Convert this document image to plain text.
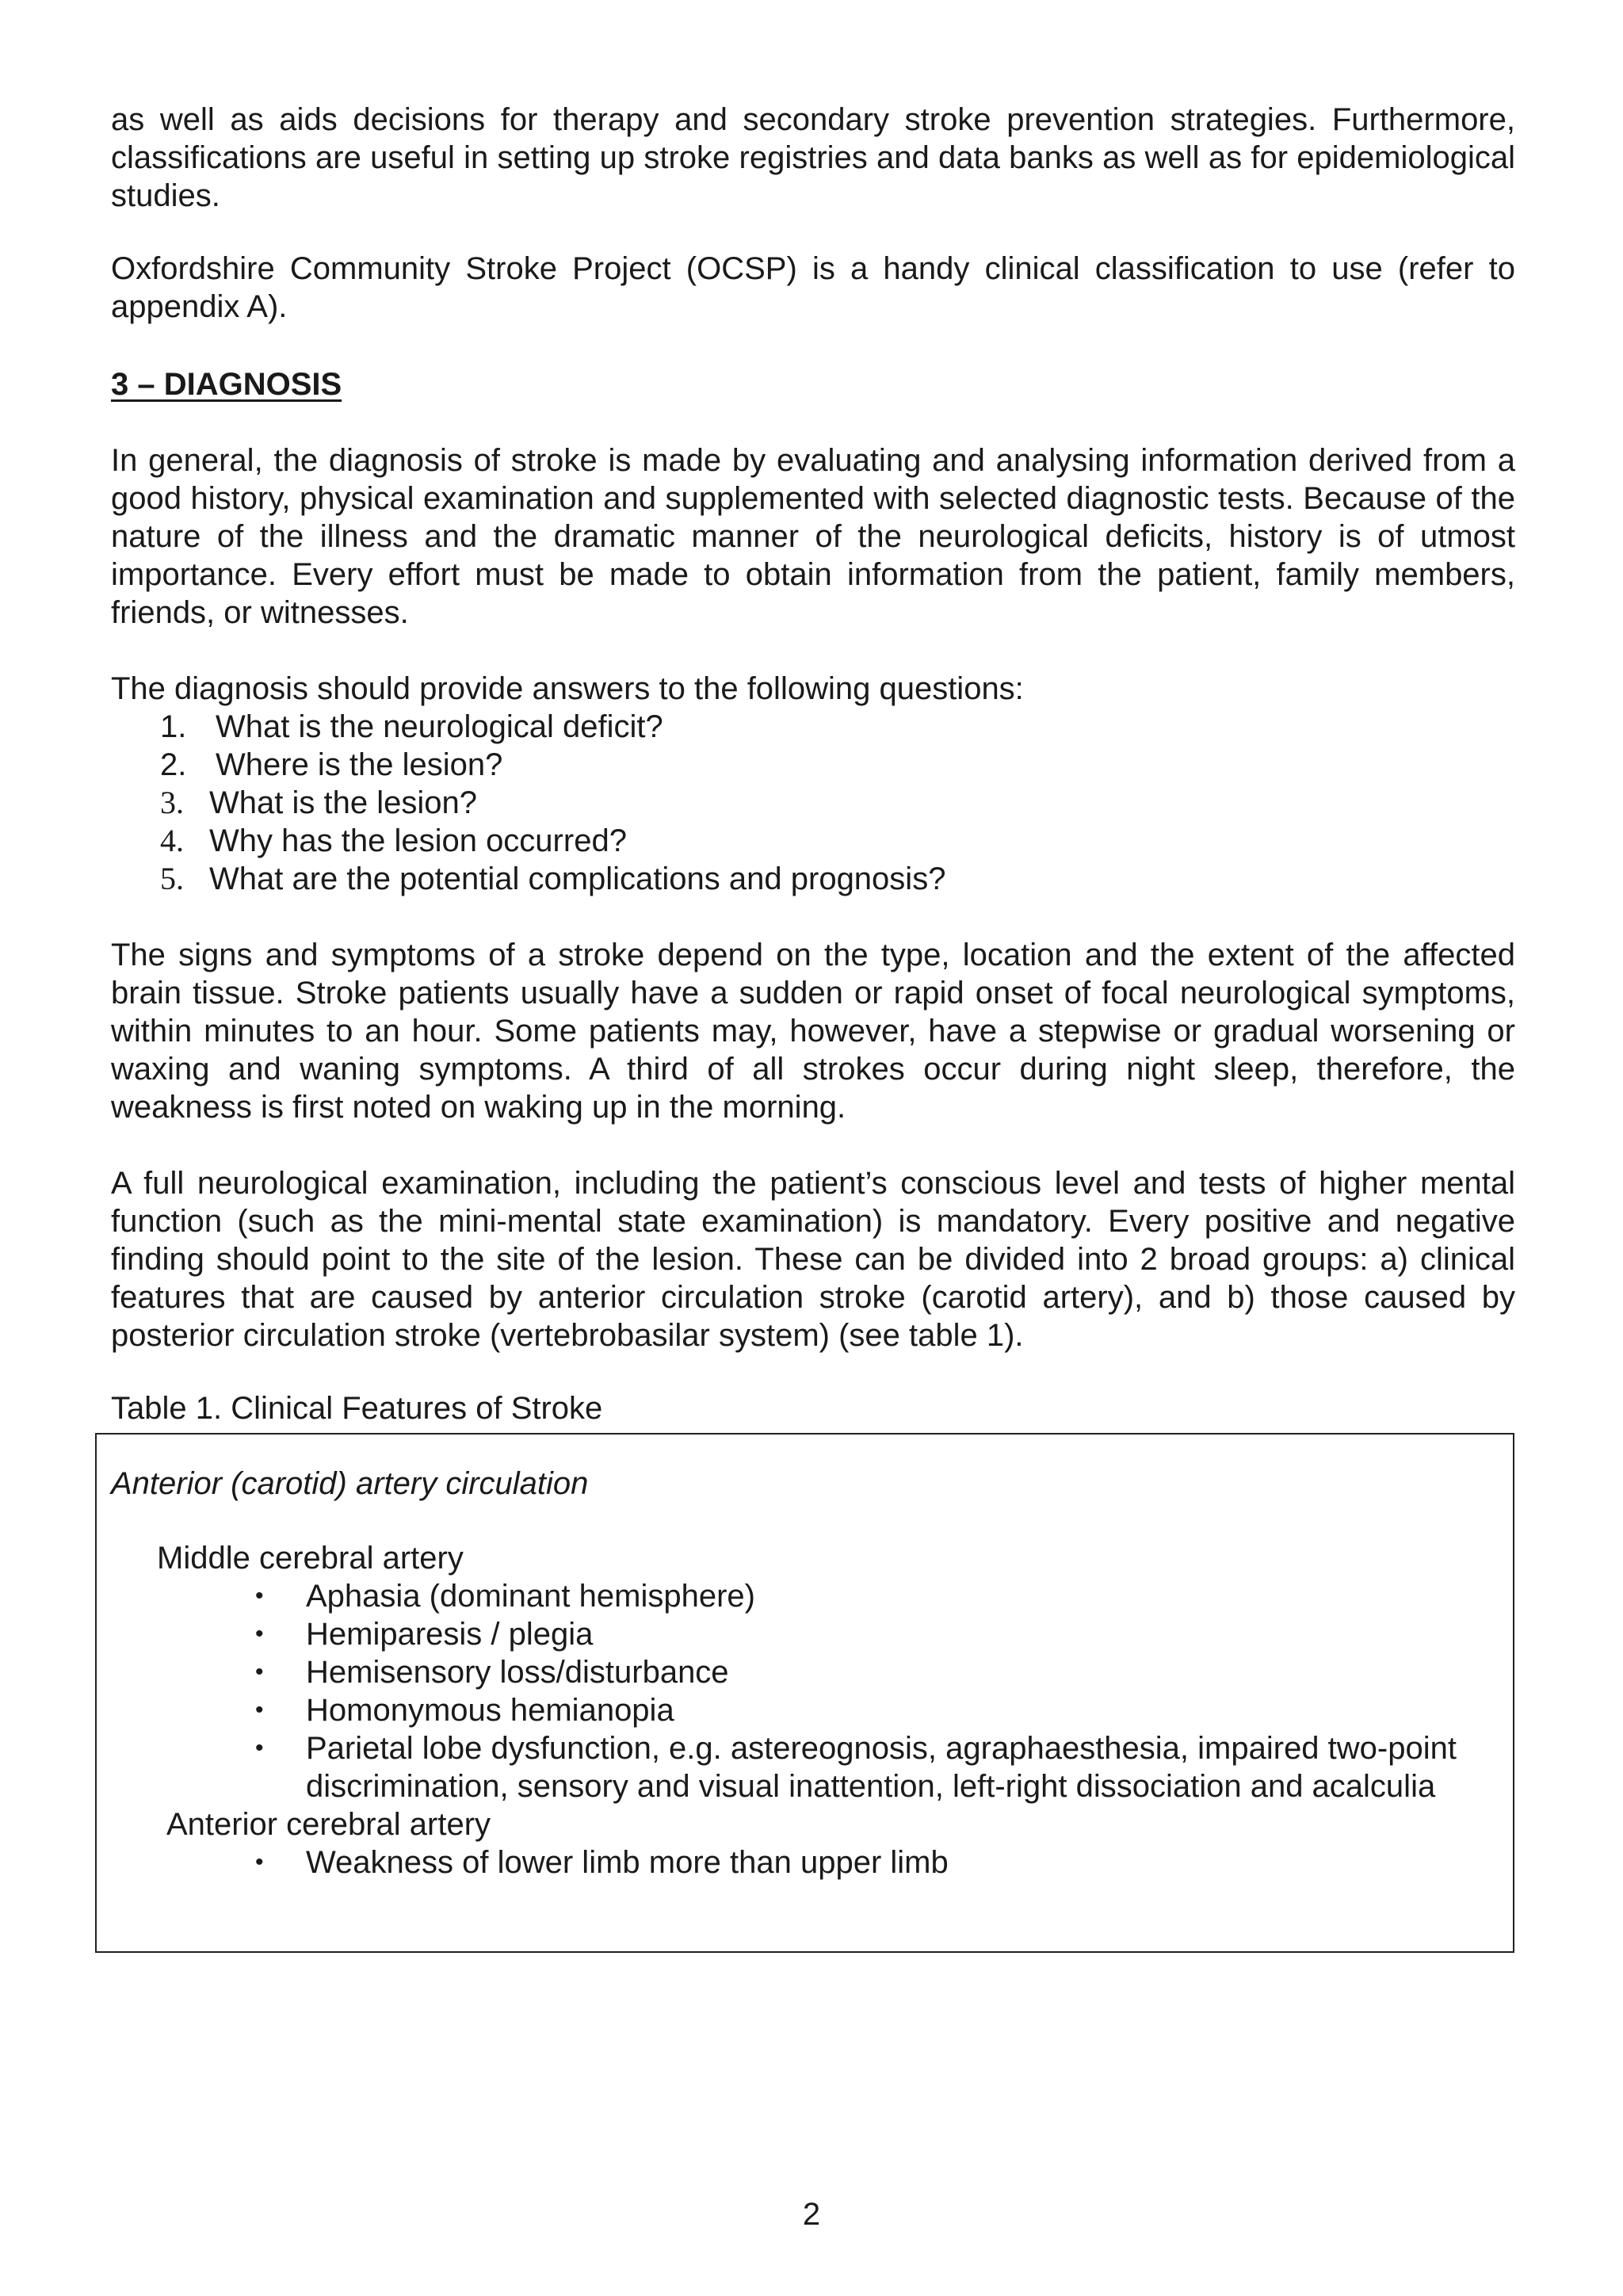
as well as aids decisions for therapy and secondary stroke prevention strategies. Furthermore, classifications are useful in setting up stroke registries and data banks as well as for epidemiological studies.

Oxfordshire Community Stroke Project (OCSP) is a handy clinical classification to use (refer to appendix A).

3 – DIAGNOSIS

In general, the diagnosis of stroke is made by evaluating and analysing information derived from a good history, physical examination and supplemented with selected diagnostic tests. Because of the nature of the illness and the dramatic manner of the neurological deficits, history is of utmost importance. Every effort must be made to obtain information from the patient, family members, friends, or witnesses.

The diagnosis should provide answers to the following questions:

1. What is the neurological deficit?
2. Where is the lesion?
3. What is the lesion?
4. Why has the lesion occurred?
5. What are the potential complications and prognosis?

The signs and symptoms of a stroke depend on the type, location and the extent of the affected brain tissue. Stroke patients usually have a sudden or rapid onset of focal neurological symptoms, within minutes to an hour. Some patients may, however, have a stepwise or gradual worsening or waxing and waning symptoms. A third of all strokes occur during night sleep, therefore, the weakness is first noted on waking up in the morning.

A full neurological examination, including the patient’s conscious level and tests of higher mental function (such as the mini-mental state examination) is mandatory. Every positive and negative finding should point to the site of the lesion. These can be divided into 2 broad groups: a) clinical features that are caused by anterior circulation stroke (carotid artery), and b) those caused by posterior circulation stroke (vertebrobasilar system) (see table 1).

Table 1. Clinical Features of Stroke

Anterior (carotid) artery circulation
Middle cerebral artery
•	Aphasia (dominant hemisphere)
•	Hemiparesis / plegia
•	Hemisensory loss/disturbance
•	Homonymous hemianopia
•	Parietal lobe dysfunction, e.g. astereognosis, agraphaesthesia, impaired two-point discrimination, sensory and visual inattention, left-right dissociation and acalculia
Anterior cerebral artery
•	Weakness of lower limb more than upper limb
2
